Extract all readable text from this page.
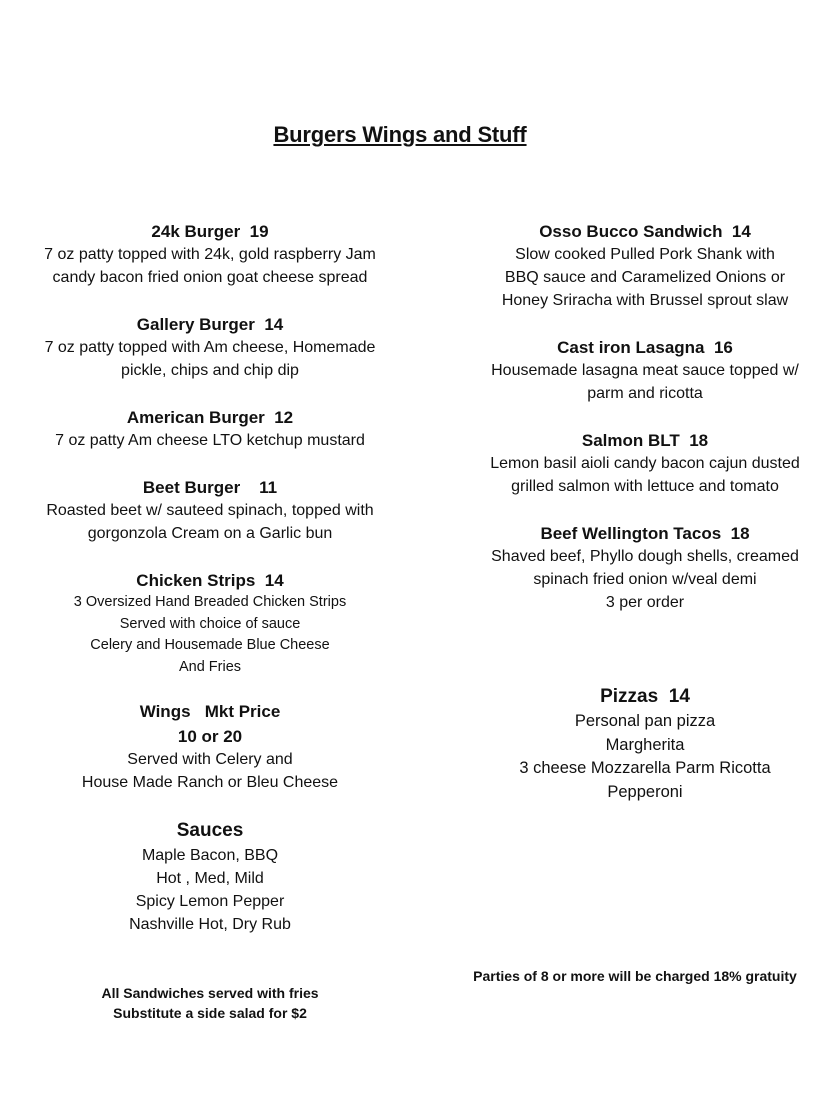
Burgers Wings and Stuff
24k Burger  19
7 oz patty topped with 24k, gold raspberry Jam
candy bacon fried onion goat cheese spread
Gallery Burger  14
7 oz patty topped with Am cheese, Homemade
pickle, chips and chip dip
American Burger  12
7 oz patty Am cheese LTO ketchup mustard
Beet Burger    11
Roasted beet w/ sauteed spinach, topped with
gorgonzola Cream on a Garlic bun
Chicken Strips  14
3 Oversized Hand Breaded Chicken Strips
Served with choice of sauce
Celery and Housemade Blue Cheese
And Fries
Wings   Mkt Price
10 or 20
Served with Celery and
House Made Ranch or Bleu Cheese
Sauces
Maple Bacon, BBQ
Hot , Med, Mild
Spicy Lemon Pepper
Nashville Hot, Dry Rub
Osso Bucco Sandwich  14
Slow cooked Pulled Pork Shank with
BBQ sauce and Caramelized Onions or
Honey Sriracha with Brussel sprout slaw
Cast iron Lasagna  16
Housemade lasagna meat sauce topped w/
parm and ricotta
Salmon BLT  18
Lemon basil aioli candy bacon cajun dusted
grilled salmon with lettuce and tomato
Beef Wellington Tacos  18
Shaved beef, Phyllo dough shells, creamed
spinach fried onion w/veal demi
3 per order
Pizzas  14
Personal pan pizza
Margherita
3 cheese Mozzarella Parm Ricotta
Pepperoni
Parties of 8 or more will be charged 18% gratuity
All Sandwiches served with fries
Substitute a side salad for $2
